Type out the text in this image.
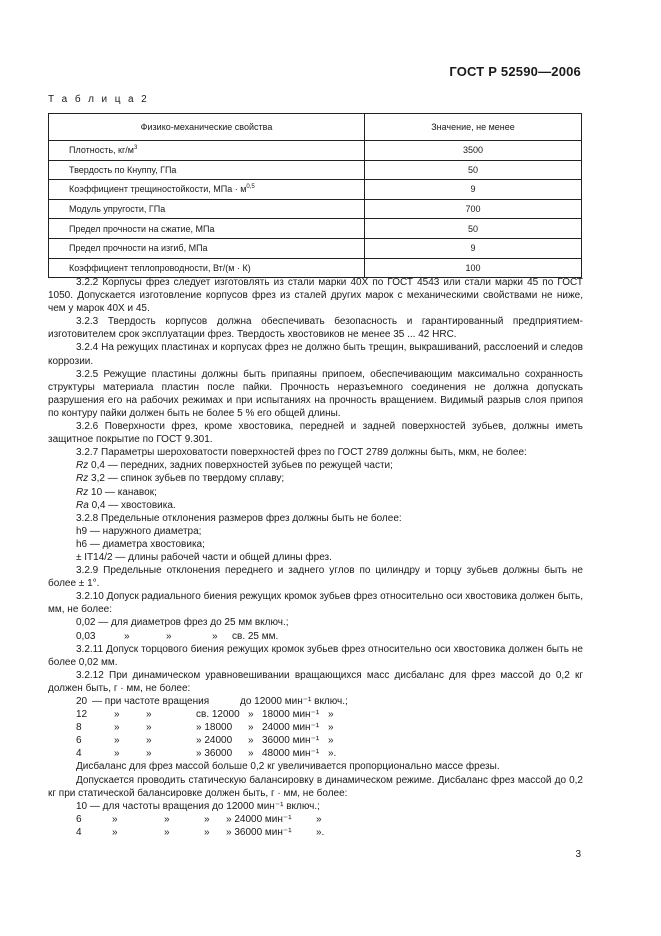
ГОСТ Р 52590—2006
Т а б л и ц а 2
Физико-механические свойства	Значение, не менее
Плотность, $кг/м^3$	3500
Твердость по Кнуппу, ГПа	50
Коэффициент трещиностойкости, МПа · $м^{0,5}$	9
Модуль упругости, ГПа	700
Предел прочности на сжатие, МПа	50
Предел прочности на изгиб, МПа	9
Коэффициент теплопроводности, Вт/(м · К)	100

3.2.2 Корпусы фрез следует изготовлять из стали марки 40Х по ГОСТ 4543 или стали марки 45 по ГОСТ 1050. Допускается изготовление корпусов фрез из сталей других марок с механическими свойствами не ниже, чем у марок 40Х и 45.

3.2.3 Твердость корпусов должна обеспечивать безопасность и гарантированный предприятием-изготовителем срок эксплуатации фрез. Твердость хвостовиков не менее 35 ... 42 HRC.

3.2.4 На режущих пластинах и корпусах фрез не должно быть трещин, выкрашиваний, расслоений и следов коррозии.

3.2.5 Режущие пластины должны быть припаяны припоем, обеспечивающим максимально сохранность структуры материала пластин после пайки. Прочность неразъемного соединения не должна допускать разрушения его на рабочих режимах и при испытаниях на прочность вращением. Видимый разрыв слоя припоя по контуру пайки должен быть не более 5 % его общей длины.

3.2.6 Поверхности фрез, кроме хвостовика, передней и задней поверхностей зубьев, должны иметь защитное покрытие по ГОСТ 9.301.

3.2.7 Параметры шероховатости поверхностей фрез по ГОСТ 2789 должны быть, мкм, не более:

Rz 0,4 — передних, задних поверхностей зубьев по режущей части;

Rz 3,2 — спинок зубьев по твердому сплаву;

Rz 10 — канавок;

Ra 0,4 — хвостовика.

3.2.8 Предельные отклонения размеров фрез должны быть не более:

h9 — наружного диаметра;

h6 — диаметра хвостовика;

± IT14/2 — длины рабочей части и общей длины фрез.

3.2.9 Предельные отклонения переднего и заднего углов по цилиндру и торцу зубьев должны быть не более ± 1°.

3.2.10 Допуск радиального биения режущих кромок зубьев фрез относительно оси хвостовика должен быть, мм, не более:

0,02 — для диаметров фрез до 25 мм включ.;

0,03	»	»	»	св. 25 мм.

3.2.11 Допуск торцового биения режущих кромок зубьев фрез относительно оси хвостовика должен быть не более 0,02 мм.

3.2.12 При динамическом уравновешивании вращающихся масс дисбаланс для фрез массой до 0,2 кг должен быть, г · мм, не более:

20 — при частоте вращения	до 12000 мин⁻¹ включ.;
12	»	»	св. 12000 » 18000 мин⁻¹ »
8	»	»	» 18000	» 24000 мин⁻¹ »
6	»	»	» 24000	» 36000 мин⁻¹ »
4	»	»	» 36000	» 48000 мин⁻¹ ».

Дисбаланс для фрез массой больше 0,2 кг увеличивается пропорционально массе фрезы.

Допускается проводить статическую балансировку в динамическом режиме. Дисбаланс фрез массой до 0,2 кг при статической балансировке должен быть, г · мм, не более:

10 — для частоты вращения до 12000 мин⁻¹ включ.;

6	»	»	»	» 24000 мин⁻¹	»
4	»	»	»	» 36000 мин⁻¹	».
3
